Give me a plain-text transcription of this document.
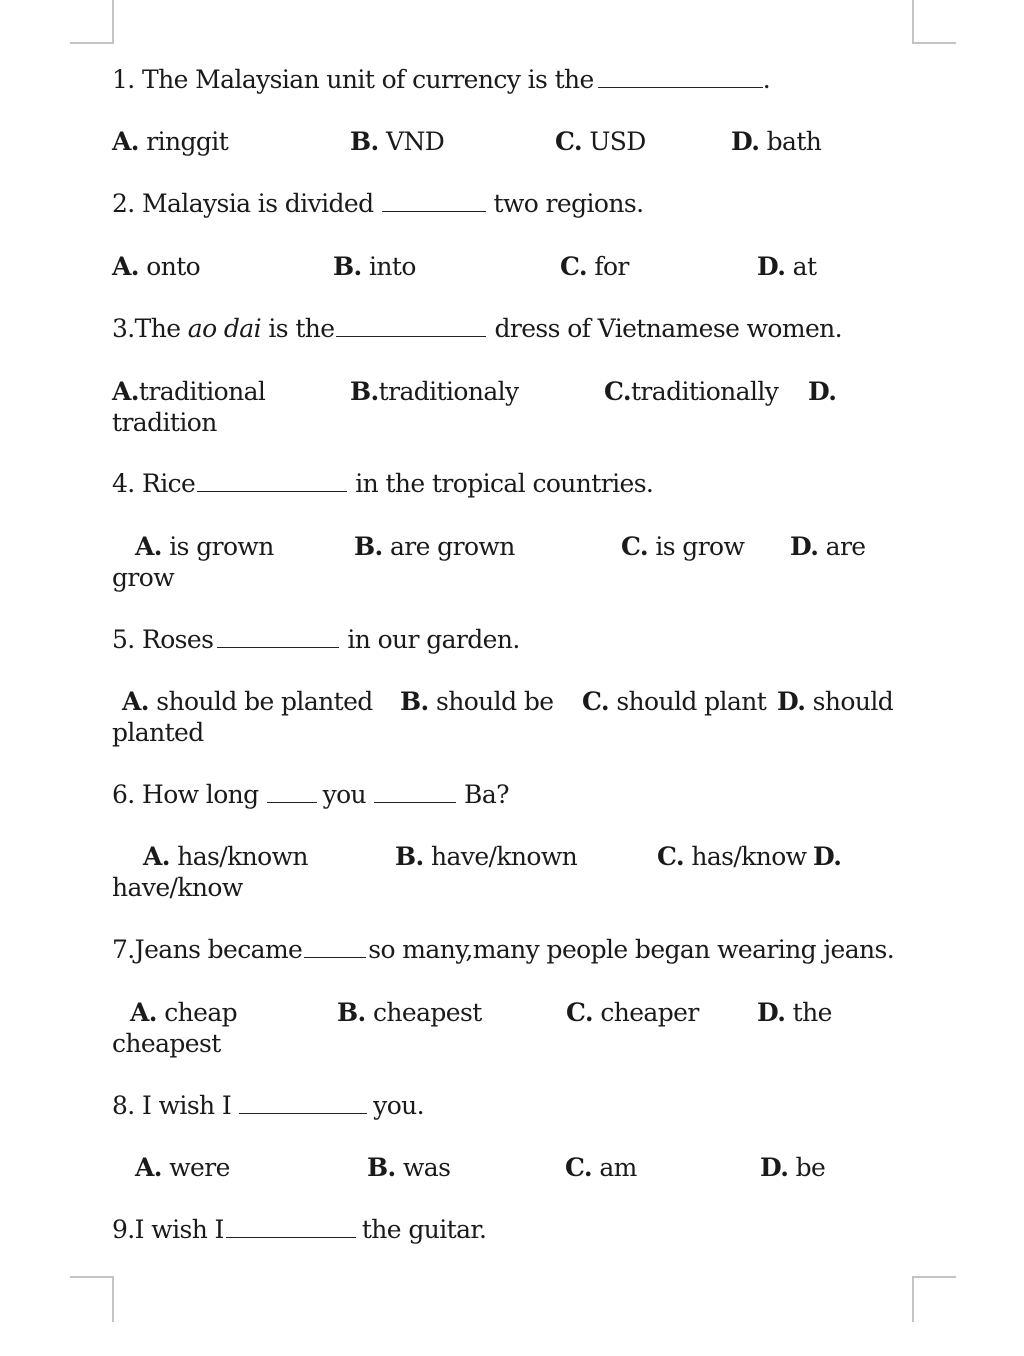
1. The Malaysian unit of currency is the	.
A. ringgit	B. VND	C. USD	D. bath
2. Malaysia is divided	two regions.
A. onto	B. into	C. for	D. at
3.The ao dai is the	dress of Vietnamese women.
A.traditional	B.traditionaly	C.traditionally D.
tradition
4. Rice	in the tropical countries.
A. is grown	B. are grown	C. is grow D. are
grow
5. Roses	in our garden.
A. should be planted B. should be C. should plant D. should
planted
6. How long	you	Ba?
A. has/known	B. have/known	C. has/know D.
have/know
7.Jeans became	so many,many people began wearing jeans.
A. cheap	B. cheapest	C. cheaper D. the
cheapest
8. I wish I	you.
A. were	B. was	C. am	D. be
9.I wish I	the guitar.
